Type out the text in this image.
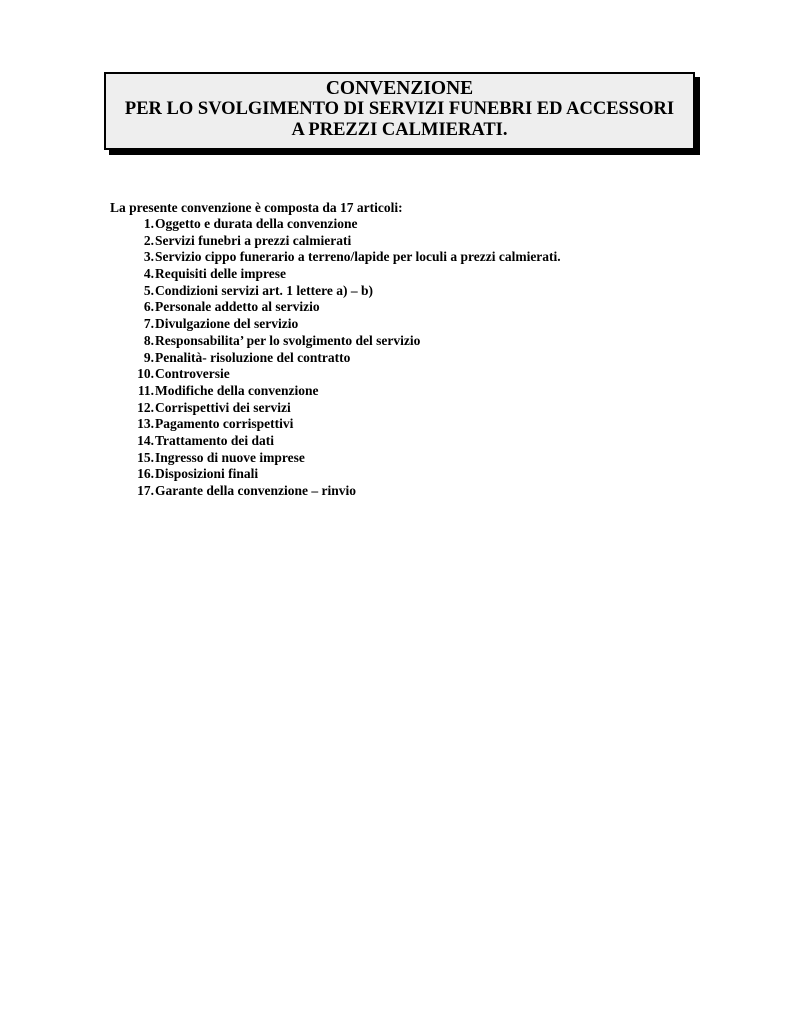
CONVENZIONE
PER LO SVOLGIMENTO DI SERVIZI FUNEBRI ED ACCESSORI
A PREZZI CALMIERATI.
La presente convenzione è composta da 17 articoli:
1. Oggetto e durata della convenzione
2. Servizi funebri a prezzi calmierati
3. Servizio cippo funerario a terreno/lapide per loculi a prezzi calmierati.
4. Requisiti delle imprese
5. Condizioni servizi art. 1 lettere a) – b)
6. Personale addetto al servizio
7. Divulgazione del servizio
8. Responsabilita’ per lo svolgimento del servizio
9. Penalità- risoluzione del contratto
10. Controversie
11. Modifiche della convenzione
12. Corrispettivi dei servizi
13. Pagamento corrispettivi
14. Trattamento dei dati
15. Ingresso di nuove imprese
16. Disposizioni finali
17. Garante della convenzione – rinvio
